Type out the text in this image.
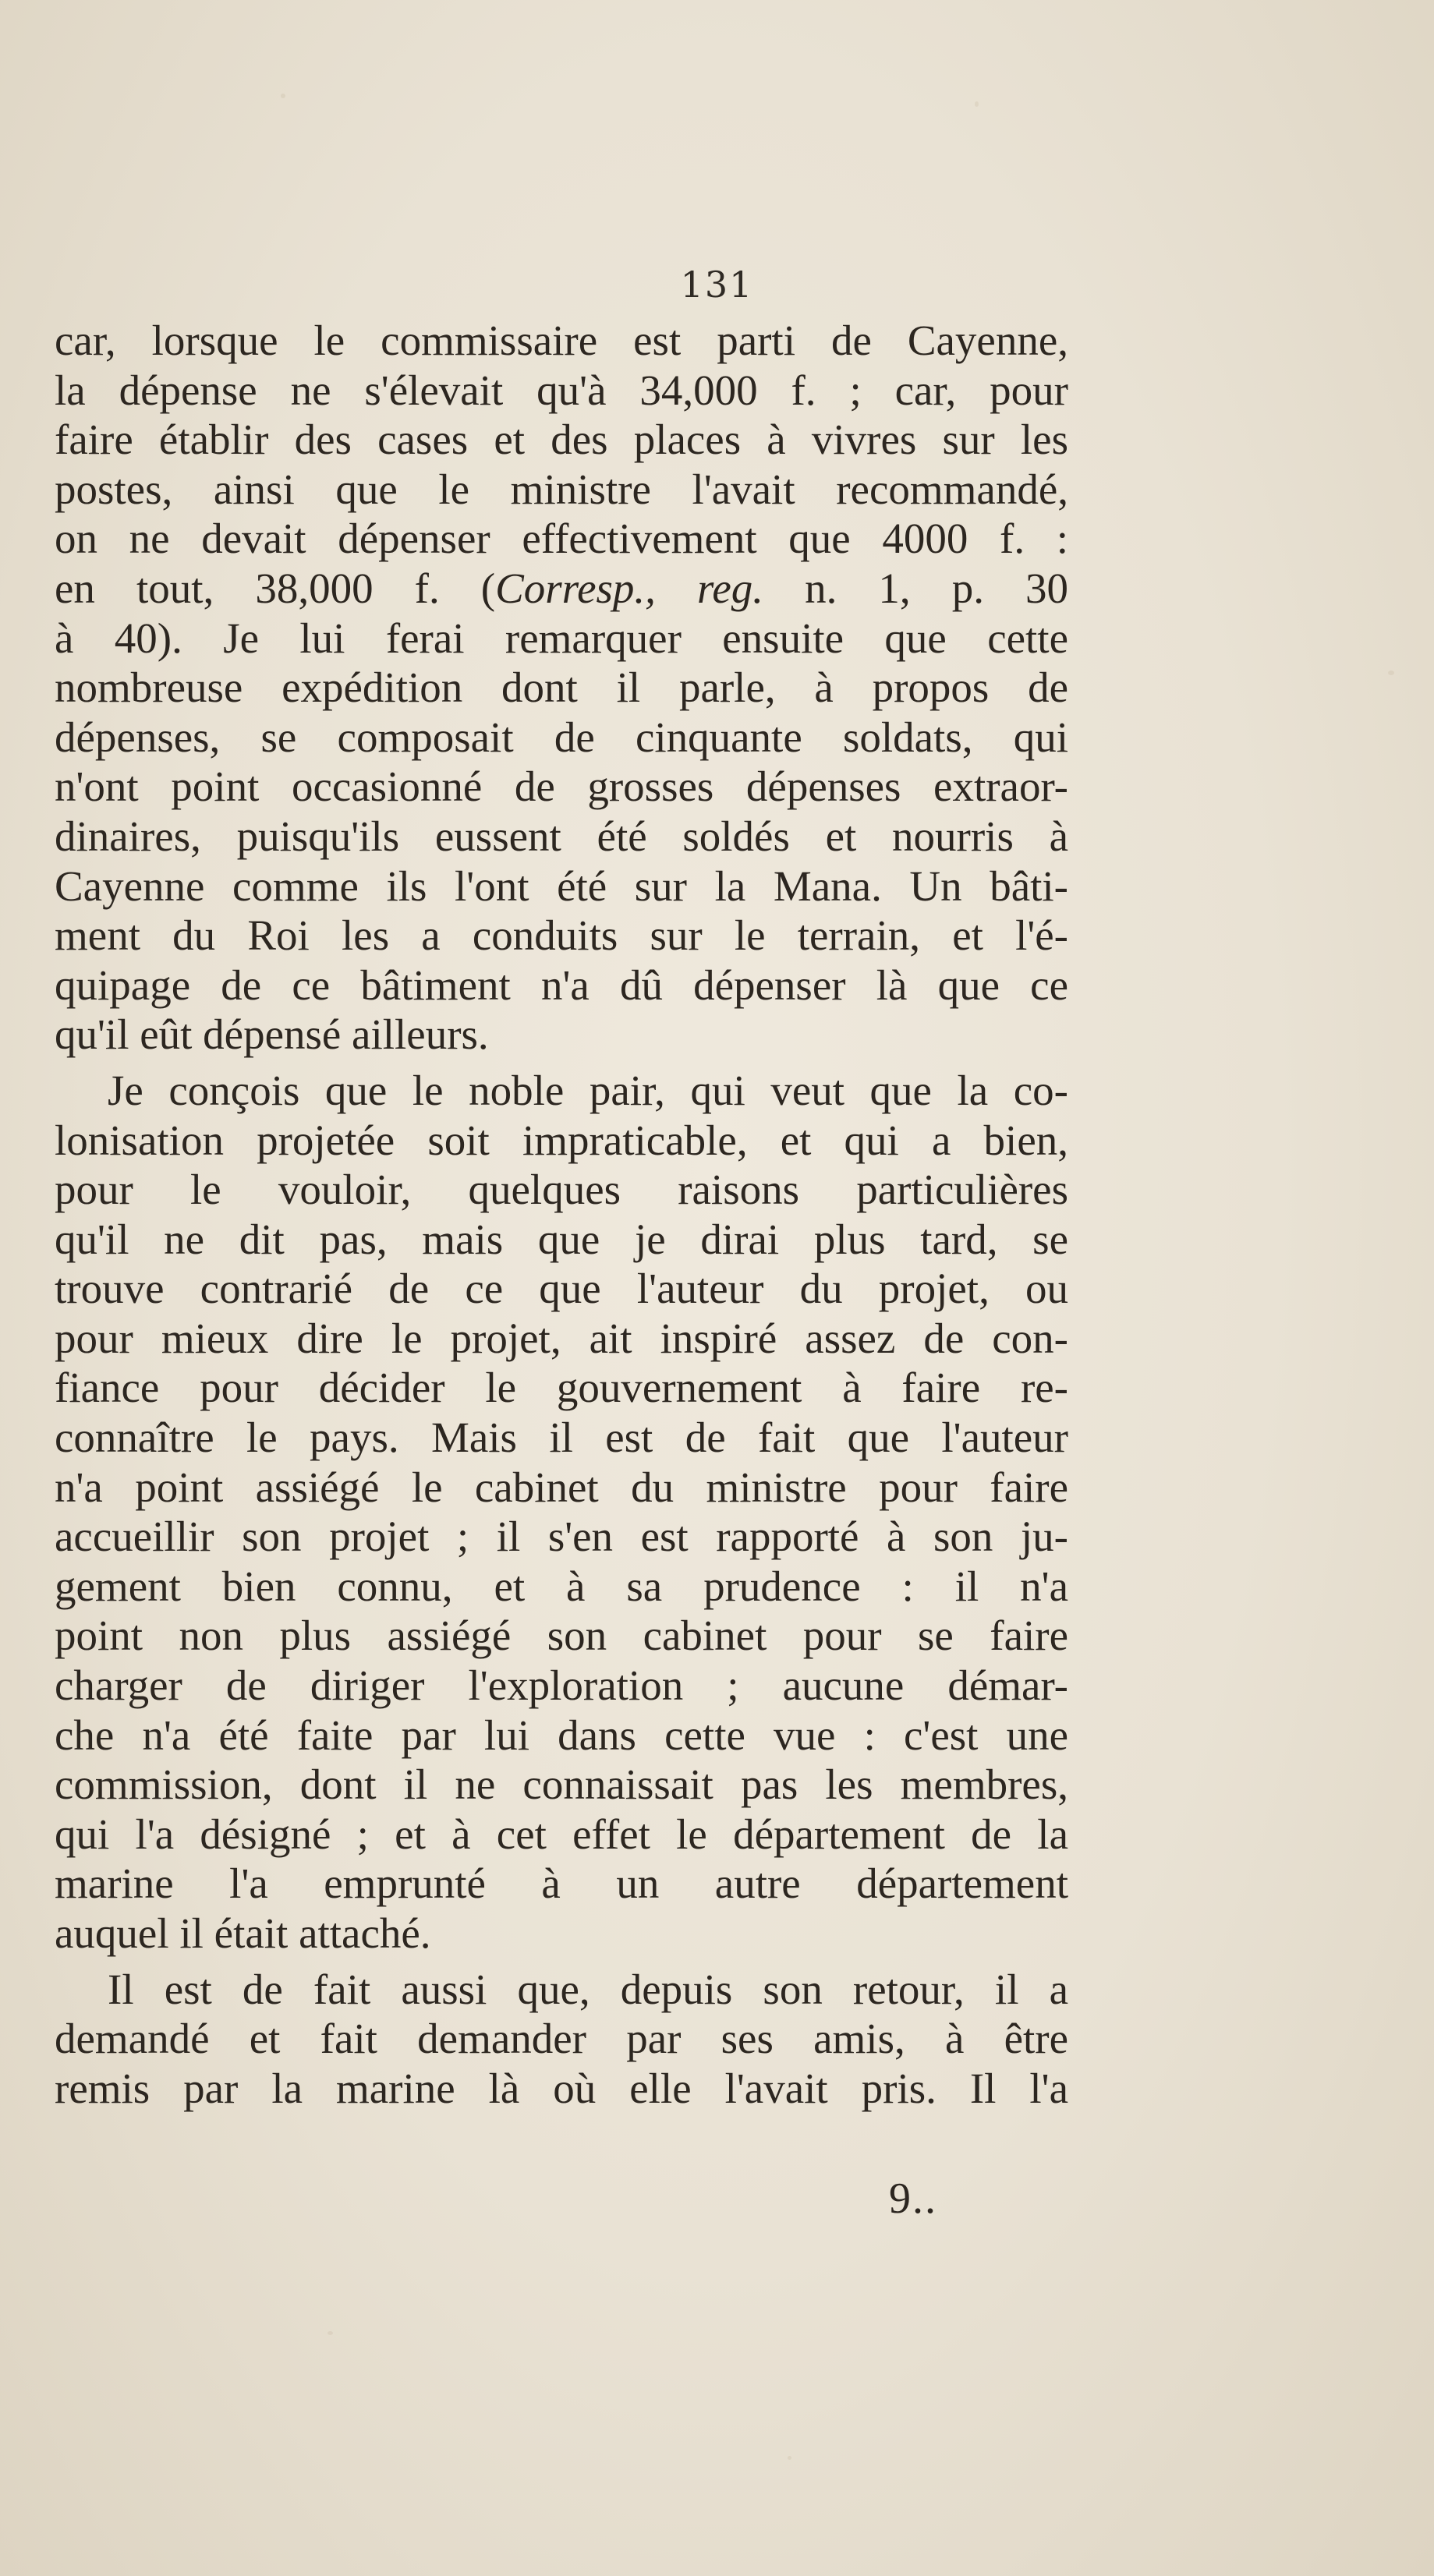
131
car, lorsque le commissaire est parti de Cayenne,
la dépense ne s'élevait qu'à 34,000 f. ; car, pour
faire établir des cases et des places à vivres sur les
postes, ainsi que le ministre l'avait recommandé,
on ne devait dépenser effectivement que 4000 f. :
en tout, 38,000 f. (Corresp., reg. n. 1, p. 30
à 40). Je lui ferai remarquer ensuite que cette
nombreuse expédition dont il parle, à propos de
dépenses, se composait de cinquante soldats, qui
n'ont point occasionné de grosses dépenses extraor-
dinaires, puisqu'ils eussent été soldés et nourris à
Cayenne comme ils l'ont été sur la Mana. Un bâti-
ment du Roi les a conduits sur le terrain, et l'é-
quipage de ce bâtiment n'a dû dépenser là que ce
qu'il eût dépensé ailleurs.
Je conçois que le noble pair, qui veut que la co-
lonisation projetée soit impraticable, et qui a bien,
pour le vouloir, quelques raisons particulières
qu'il ne dit pas, mais que je dirai plus tard, se
trouve contrarié de ce que l'auteur du projet, ou
pour mieux dire le projet, ait inspiré assez de con-
fiance pour décider le gouvernement à faire re-
connaître le pays. Mais il est de fait que l'auteur
n'a point assiégé le cabinet du ministre pour faire
accueillir son projet ; il s'en est rapporté à son ju-
gement bien connu, et à sa prudence : il n'a
point non plus assiégé son cabinet pour se faire
charger de diriger l'exploration ; aucune démar-
che n'a été faite par lui dans cette vue : c'est une
commission, dont il ne connaissait pas les membres,
qui l'a désigné ; et à cet effet le département de la
marine l'a emprunté à un autre département
auquel il était attaché.
Il est de fait aussi que, depuis son retour, il a
demandé et fait demander par ses amis, à être
remis par la marine là où elle l'avait pris. Il l'a
9..
